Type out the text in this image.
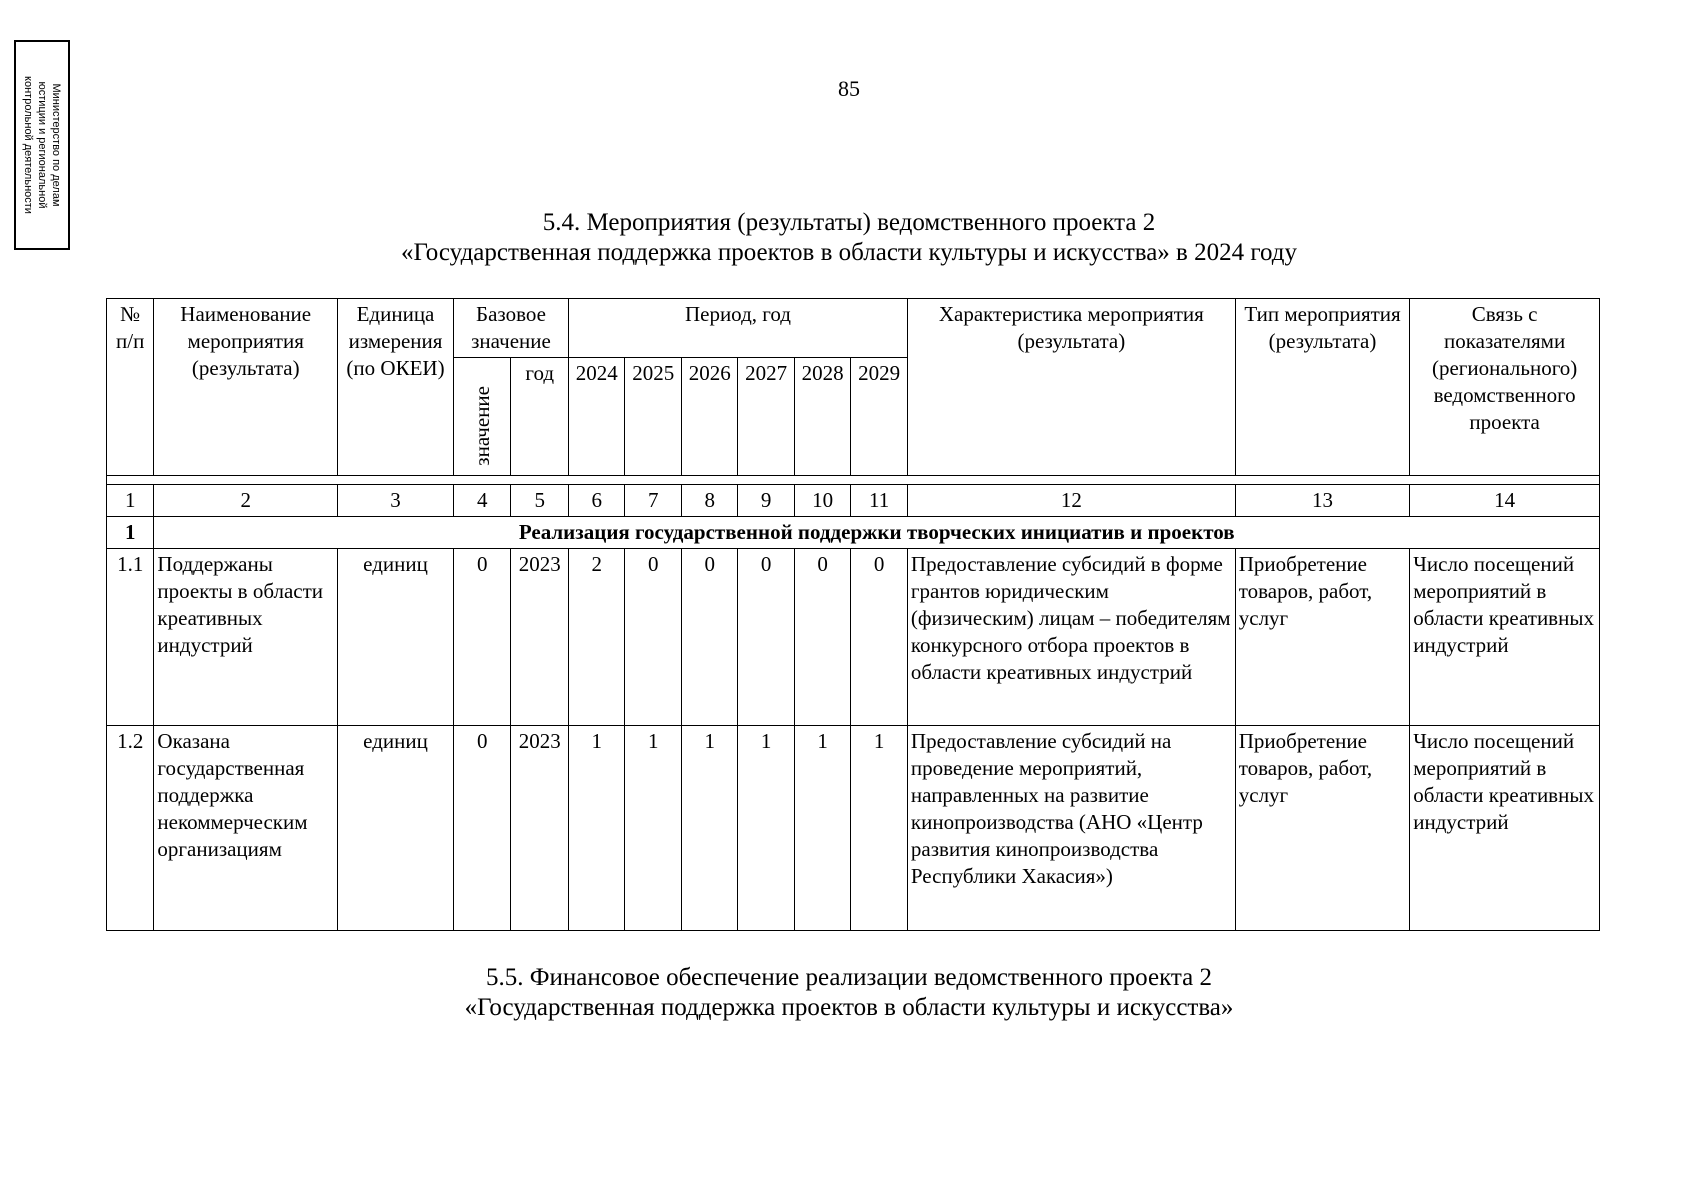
Министерство по делам
юстиции и региональной
контрольной деятельности	85
5.4. Мероприятия (результаты) ведомственного проекта 2
«Государственная поддержка проектов в области культуры и искусства» в 2024 году
№ п/п	Наименование мероприятия (результата)	Единица измерения (по ОКЕИ)	Базовое значение		Период, год						Характеристика мероприятия (результата)	Тип мероприятия (результата)	Связь с показателями (регионального) ведомственного проекта
			значение	год	2024	2025	2026	2027	2028	2029			

1	2	3	4	5	6	7	8	9	10	11	12	13	14
1	Реализация государственной поддержки творческих инициатив и проектов												
1.1	Поддержаны проекты в области креативных индустрий	единиц	0	2023	2	0	0	0	0	0	Предоставление субсидий в форме грантов юридическим (физическим) лицам – победителям конкурсного отбора проектов в области креативных индустрий	Приобретение товаров, работ, услуг	Число посещений мероприятий в области креативных индустрий
1.2	Оказана государственная поддержка некоммерческим организациям	единиц	0	2023	1	1	1	1	1	1	Предоставление субсидий на проведение мероприятий, направленных на развитие кинопроизводства (АНО «Центр развития кинопроизводства Республики Хакасия»)	Приобретение товаров, работ, услуг	Число посещений мероприятий в области креативных индустрий
5.5. Финансовое обеспечение реализации ведомственного проекта 2
«Государственная поддержка проектов в области культуры и искусства»
